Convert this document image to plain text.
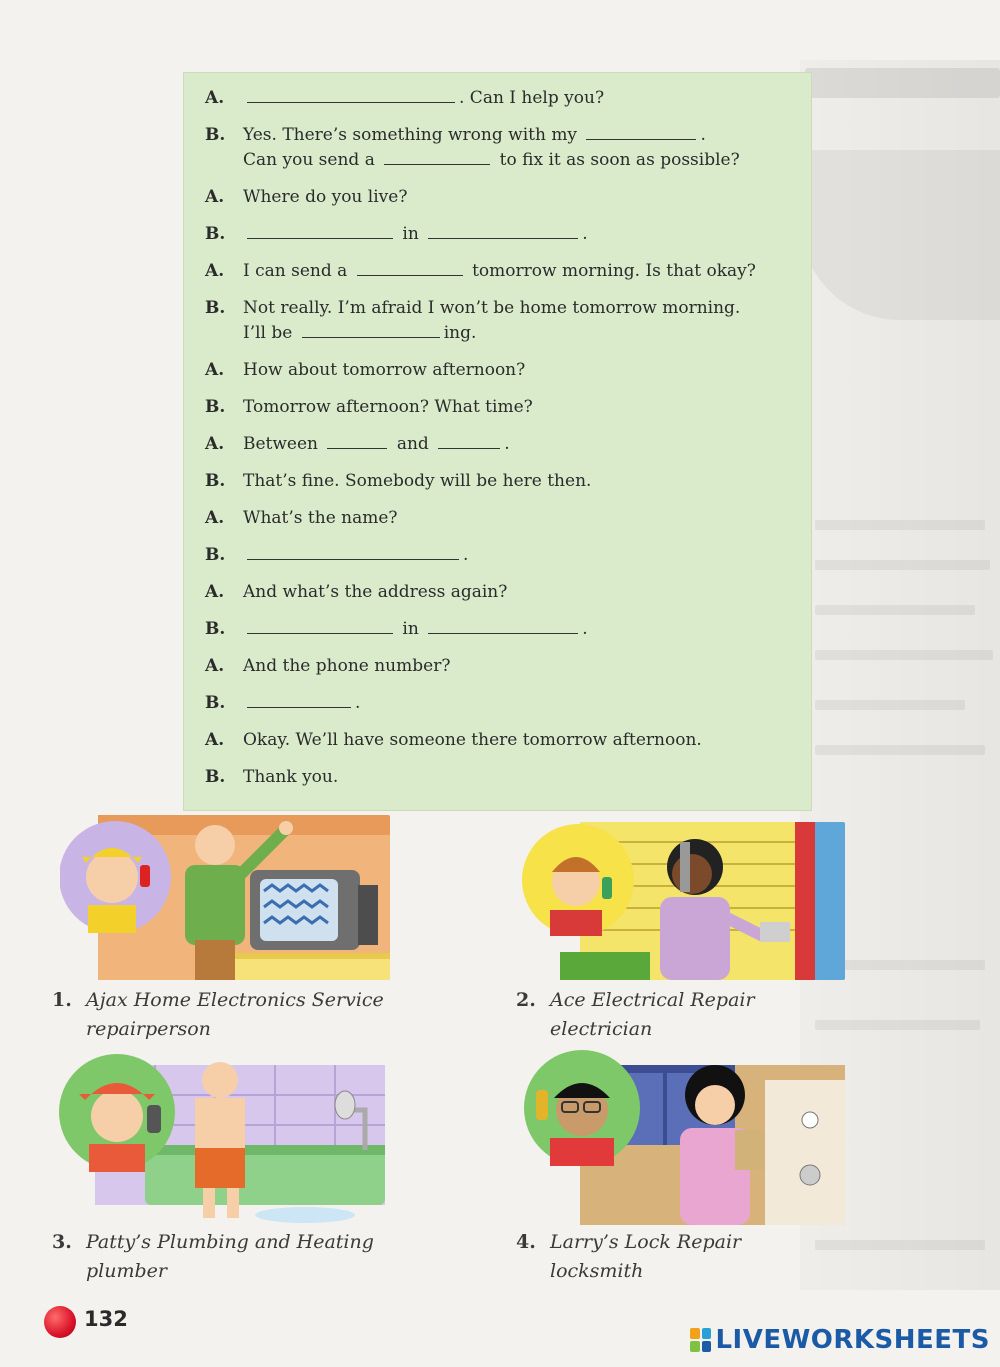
A.	. Can I help you?
B. Yes. There’s something wrong with my	.
Can you send a	to fix it as soon as possible?
A. Where do you live?
B.	in	.
A. I can send a	tomorrow morning. Is that okay?
B. Not really. I’m afraid I won’t be home tomorrow morning.
I’ll be	ing.
A. How about tomorrow afternoon?
B. Tomorrow afternoon? What time?
A. Between	and	.
B. That’s fine. Somebody will be here then.
A. What’s the name?
B.	.
A. And what’s the address again?
B.	in	.
A. And the phone number?
B.	.
A. Okay. We’ll have someone there tomorrow afternoon.
B. Thank you.
1. Ajax Home Electronics Service
repairperson
2. Ace Electrical Repair
electrician
3. Patty’s Plumbing and Heating
plumber
4. Larry’s Lock Repair
locksmith
132
LIVEWORKSHEETS
